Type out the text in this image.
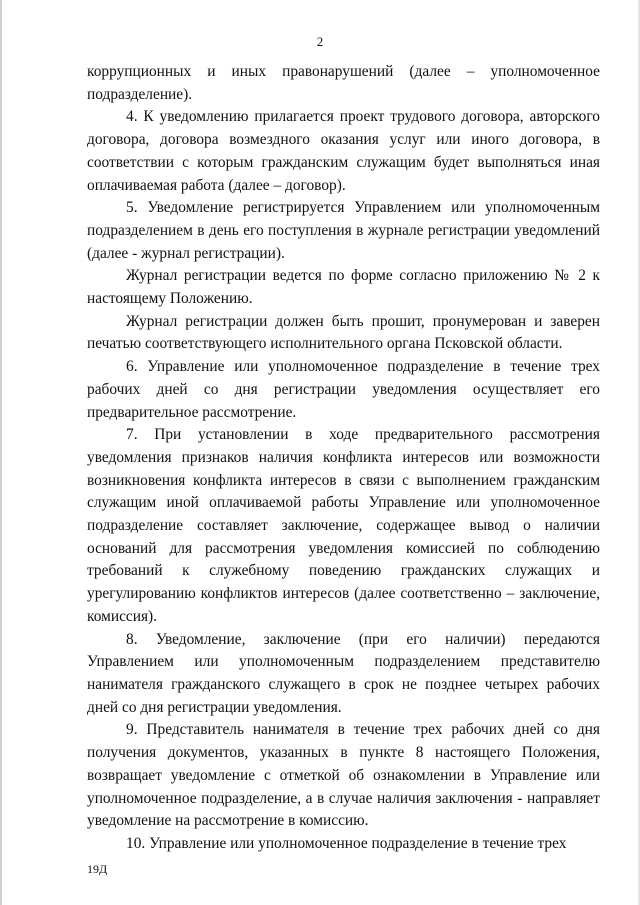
2

коррупционных и иных правонарушений (далее – уполномоченное подразделение).

4. К уведомлению прилагается проект трудового договора, авторского договора, договора возмездного оказания услуг или иного договора, в соответствии с которым гражданским служащим будет выполняться иная оплачиваемая работа (далее – договор).

5. Уведомление регистрируется Управлением или уполномоченным подразделением в день его поступления в журнале регистрации уведомлений (далее - журнал регистрации).

Журнал регистрации ведется по форме согласно приложению № 2 к настоящему Положению.

Журнал регистрации должен быть прошит, пронумерован и заверен печатью соответствующего исполнительного органа Псковской области.

6. Управление или уполномоченное подразделение в течение трех рабочих дней со дня регистрации уведомления осуществляет его предварительное рассмотрение.

7. При установлении в ходе предварительного рассмотрения уведомления признаков наличия конфликта интересов или возможности возникновения конфликта интересов в связи с выполнением гражданским служащим иной оплачиваемой работы Управление или уполномоченное подразделение составляет заключение, содержащее вывод о наличии оснований для рассмотрения уведомления комиссией по соблюдению требований к служебному поведению гражданских служащих и урегулированию конфликтов интересов (далее соответственно – заключение, комиссия).

8. Уведомление, заключение (при его наличии) передаются Управлением или уполномоченным подразделением представителю нанимателя гражданского служащего в срок не позднее четырех рабочих дней со дня регистрации уведомления.

9. Представитель нанимателя в течение трех рабочих дней со дня получения документов, указанных в пункте 8 настоящего Положения, возвращает уведомление с отметкой об ознакомлении в Управление или уполномоченное подразделение, а в случае наличия заключения - направляет уведомление на рассмотрение в комиссию.

10. Управление или уполномоченное подразделение в течение трех

19Д
